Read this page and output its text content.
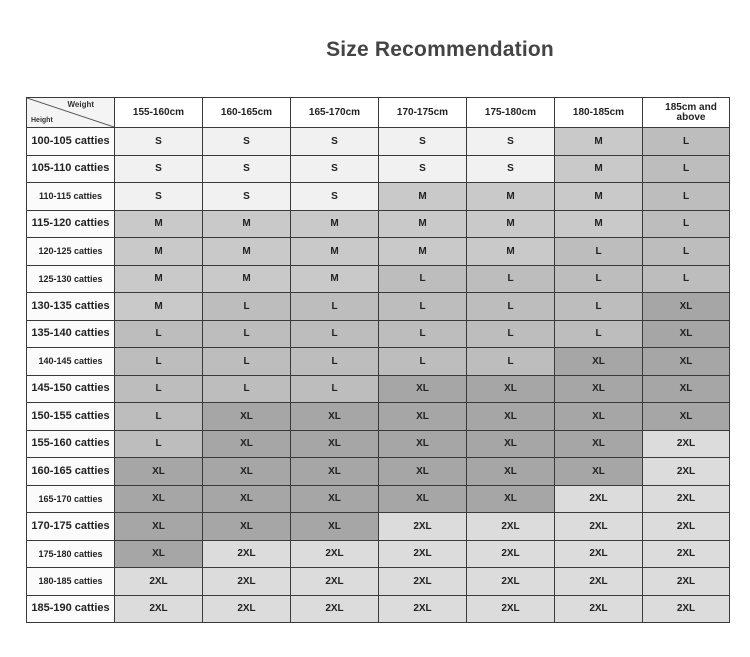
Size Recommendation
Weight
Height	155-160cm	160-165cm	165-170cm	170-175cm	175-180cm	180-185cm	185cm and above
100-105 catties	S	S	S	S	S	M	L
105-110 catties	S	S	S	S	S	M	L
110-115 catties	S	S	S	M	M	M	L
115-120 catties	M	M	M	M	M	M	L
120-125 catties	M	M	M	M	M	L	L
125-130 catties	M	M	M	L	L	L	L
130-135 catties	M	L	L	L	L	L	XL
135-140 catties	L	L	L	L	L	L	XL
140-145 catties	L	L	L	L	L	XL	XL
145-150 catties	L	L	L	XL	XL	XL	XL
150-155 catties	L	XL	XL	XL	XL	XL	XL
155-160 catties	L	XL	XL	XL	XL	XL	2XL
160-165 catties	XL	XL	XL	XL	XL	XL	2XL
165-170 catties	XL	XL	XL	XL	XL	2XL	2XL
170-175 catties	XL	XL	XL	2XL	2XL	2XL	2XL
175-180 catties	XL	2XL	2XL	2XL	2XL	2XL	2XL
180-185 catties	2XL	2XL	2XL	2XL	2XL	2XL	2XL
185-190 catties	2XL	2XL	2XL	2XL	2XL	2XL	2XL
